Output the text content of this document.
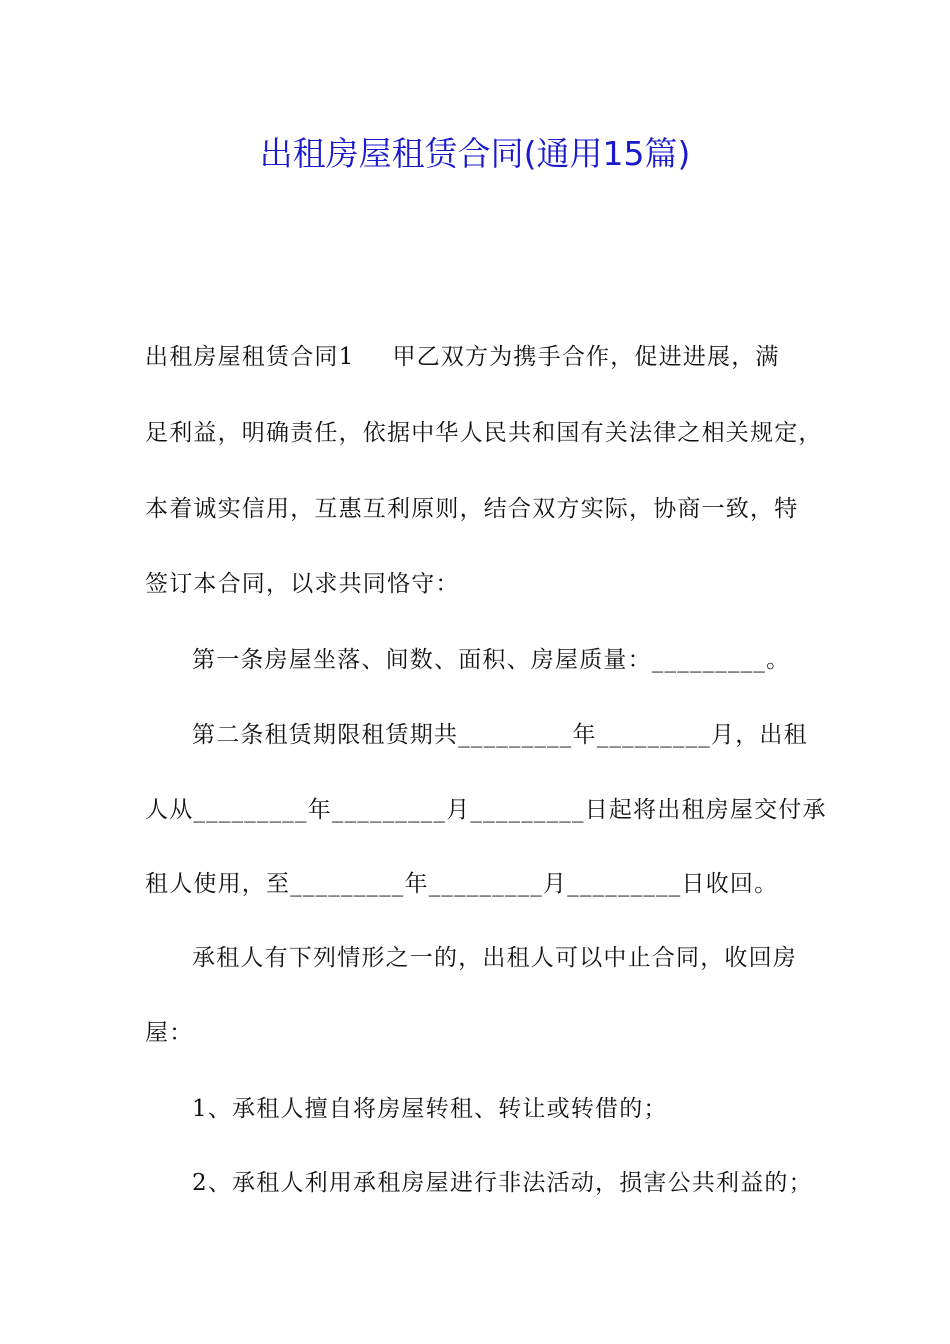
出租房屋租赁合同(通用15篇)
出租房屋租赁合同1 甲乙双方为携手合作，促进进展，满
足利益，明确责任，依据中华人民共和国有关法律之相关规定，
本着诚实信用，互惠互利原则，结合双方实际，协商一致，特
签订本合同，以求共同恪守：
第一条房屋坐落、间数、面积、房屋质量：_________。
第二条租赁期限租赁期共_________年_________月，出租
人从_________年_________月_________日起将出租房屋交付承
租人使用，至_________年_________月_________日收回。
承租人有下列情形之一的，出租人可以中止合同，收回房
屋：
1、承租人擅自将房屋转租、转让或转借的；
2、承租人利用承租房屋进行非法活动，损害公共利益的；
